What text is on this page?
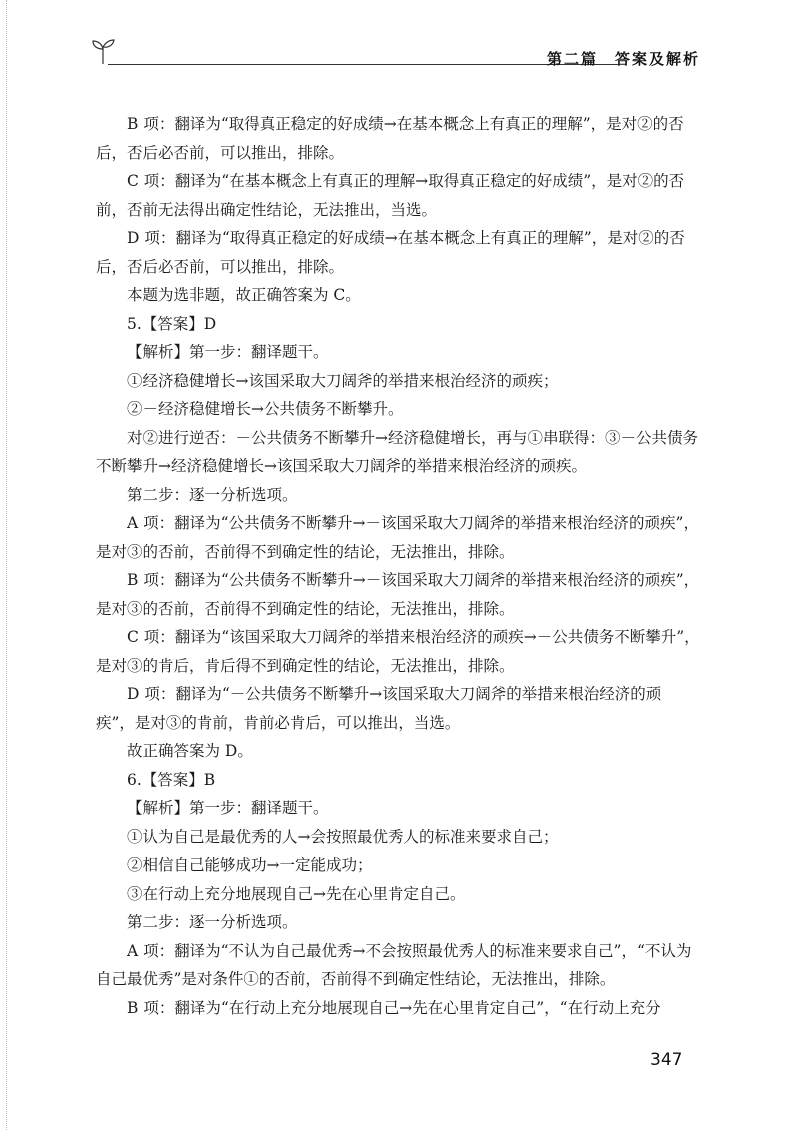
第二篇　答案及解析

B 项：翻译为“取得真正稳定的好成绩→在基本概念上有真正的理解”，是对②的否后，否后必否前，可以推出，排除。

C 项：翻译为“在基本概念上有真正的理解→取得真正稳定的好成绩”，是对②的否前，否前无法得出确定性结论，无法推出，当选。

D 项：翻译为“取得真正稳定的好成绩→在基本概念上有真正的理解”，是对②的否后，否后必否前，可以推出，排除。

本题为选非题，故正确答案为 C。

5.【答案】D

【解析】第一步：翻译题干。

①经济稳健增长→该国采取大刀阔斧的举措来根治经济的顽疾；

②－经济稳健增长→公共债务不断攀升。

对②进行逆否：－公共债务不断攀升→经济稳健增长，再与①串联得：③－公共债务不断攀升→经济稳健增长→该国采取大刀阔斧的举措来根治经济的顽疾。

第二步：逐一分析选项。

A 项：翻译为“公共债务不断攀升→－该国采取大刀阔斧的举措来根治经济的顽疾”，是对③的否前，否前得不到确定性的结论，无法推出，排除。

B 项：翻译为“公共债务不断攀升→－该国采取大刀阔斧的举措来根治经济的顽疾”，是对③的否前，否前得不到确定性的结论，无法推出，排除。

C 项：翻译为“该国采取大刀阔斧的举措来根治经济的顽疾→－公共债务不断攀升”，是对③的肯后，肯后得不到确定性的结论，无法推出，排除。

D 项：翻译为“－公共债务不断攀升→该国采取大刀阔斧的举措来根治经济的顽疾”，是对③的肯前，肯前必肯后，可以推出，当选。

故正确答案为 D。

6.【答案】B

【解析】第一步：翻译题干。

①认为自己是最优秀的人→会按照最优秀人的标准来要求自己；

②相信自己能够成功→一定能成功；

③在行动上充分地展现自己→先在心里肯定自己。

第二步：逐一分析选项。

A 项：翻译为“不认为自己最优秀→不会按照最优秀人的标准来要求自己”，“不认为自己最优秀”是对条件①的否前，否前得不到确定性结论，无法推出，排除。

B 项：翻译为“在行动上充分地展现自己→先在心里肯定自己”，“在行动上充分

347
